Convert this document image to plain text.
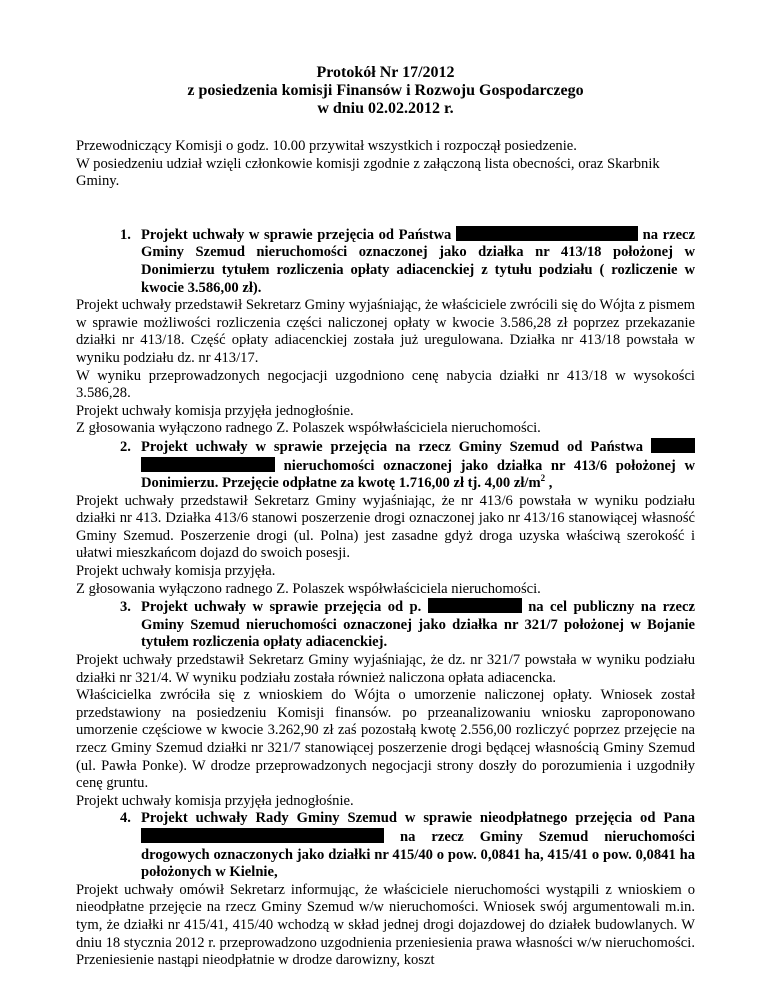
Protokół Nr 17/2012

z posiedzenia komisji Finansów i Rozwoju Gospodarczego

w dniu 02.02.2012 r.

Przewodniczący Komisji o godz. 10.00 przywitał wszystkich i rozpoczął posiedzenie.

W posiedzeniu udział wzięli członkowie komisji zgodnie z załączoną lista obecności, oraz Skarbnik Gminy.

1. Projekt uchwały w sprawie przejęcia od Państwa	na rzecz Gminy Szemud nieruchomości oznaczonej jako działka nr 413/18 położonej w Donimierzu tytułem rozliczenia opłaty adiacenckiej z tytułu podziału ( rozliczenie w kwocie 3.586,00 zł).

Projekt uchwały przedstawił Sekretarz Gminy wyjaśniając, że właściciele zwrócili się do Wójta z pismem w sprawie możliwości rozliczenia części naliczonej opłaty w kwocie 3.586,28 zł poprzez przekazanie działki nr 413/18. Część opłaty adiacenckiej została już uregulowana. Działka nr 413/18 powstała w wyniku podziału dz. nr 413/17.

W wyniku przeprowadzonych negocjacji uzgodniono cenę nabycia działki nr 413/18 w wysokości 3.586,28.

Projekt uchwały komisja przyjęła jednogłośnie.

Z głosowania wyłączono radnego Z. Polaszek współwłaściciela nieruchomości.

2. Projekt uchwały w sprawie przejęcia na rzecz Gminy Szemud od Państwa   nieruchomości oznaczonej jako działka nr 413/6 położonej w Donimierzu. Przejęcie odpłatne za kwotę 1.716,00 zł tj. 4,00 $zł/m^2$ ,

Projekt uchwały przedstawił Sekretarz Gminy wyjaśniając, że nr 413/6 powstała w wyniku podziału działki nr 413. Działka 413/6 stanowi poszerzenie drogi oznaczonej jako nr 413/16 stanowiącej własność Gminy Szemud. Poszerzenie drogi (ul. Polna) jest zasadne gdyż droga uzyska właściwą szerokość i ułatwi mieszkańcom dojazd do swoich posesji.

Projekt uchwały komisja przyjęła.

Z głosowania wyłączono radnego Z. Polaszek współwłaściciela nieruchomości.

3. Projekt uchwały w sprawie przejęcia od p.	na cel publiczny na rzecz Gminy Szemud nieruchomości oznaczonej jako działka nr 321/7 położonej w Bojanie tytułem rozliczenia opłaty adiacenckiej.

Projekt uchwały przedstawił Sekretarz Gminy wyjaśniając, że dz. nr 321/7 powstała w wyniku podziału działki nr 321/4. W wyniku podziału została również naliczona opłata adiacencka.

Właścicielka zwróciła się z wnioskiem do Wójta o umorzenie naliczonej opłaty. Wniosek został przedstawiony na posiedzeniu Komisji finansów. po przeanalizowaniu wniosku zaproponowano umorzenie częściowe w kwocie 3.262,90 zł zaś pozostałą kwotę 2.556,00 rozliczyć poprzez przejęcie na rzecz Gminy Szemud działki nr 321/7 stanowiącej poszerzenie drogi będącej własnością Gminy Szemud (ul. Pawła Ponke). W drodze przeprowadzonych negocjacji strony doszły do porozumienia i uzgodniły cenę gruntu.

Projekt uchwały komisja przyjęła jednogłośnie.

4. Projekt uchwały Rady Gminy Szemud w sprawie nieodpłatnego przejęcia od Pana  na rzecz Gminy Szemud nieruchomości drogowych oznaczonych jako działki nr 415/40 o pow. 0,0841 ha, 415/41 o pow. 0,0841 ha położonych w Kielnie,

Projekt uchwały omówił Sekretarz informując, że właściciele nieruchomości wystąpili z wnioskiem o nieodpłatne przejęcie na rzecz Gminy Szemud w/w nieruchomości. Wniosek swój argumentowali m.in. tym, że działki nr 415/41, 415/40 wchodzą w skład jednej drogi dojazdowej do działek budowlanych. W dniu 18 stycznia 2012 r. przeprowadzono uzgodnienia przeniesienia prawa własności w/w nieruchomości. Przeniesienie nastąpi nieodpłatnie w drodze darowizny, koszt
